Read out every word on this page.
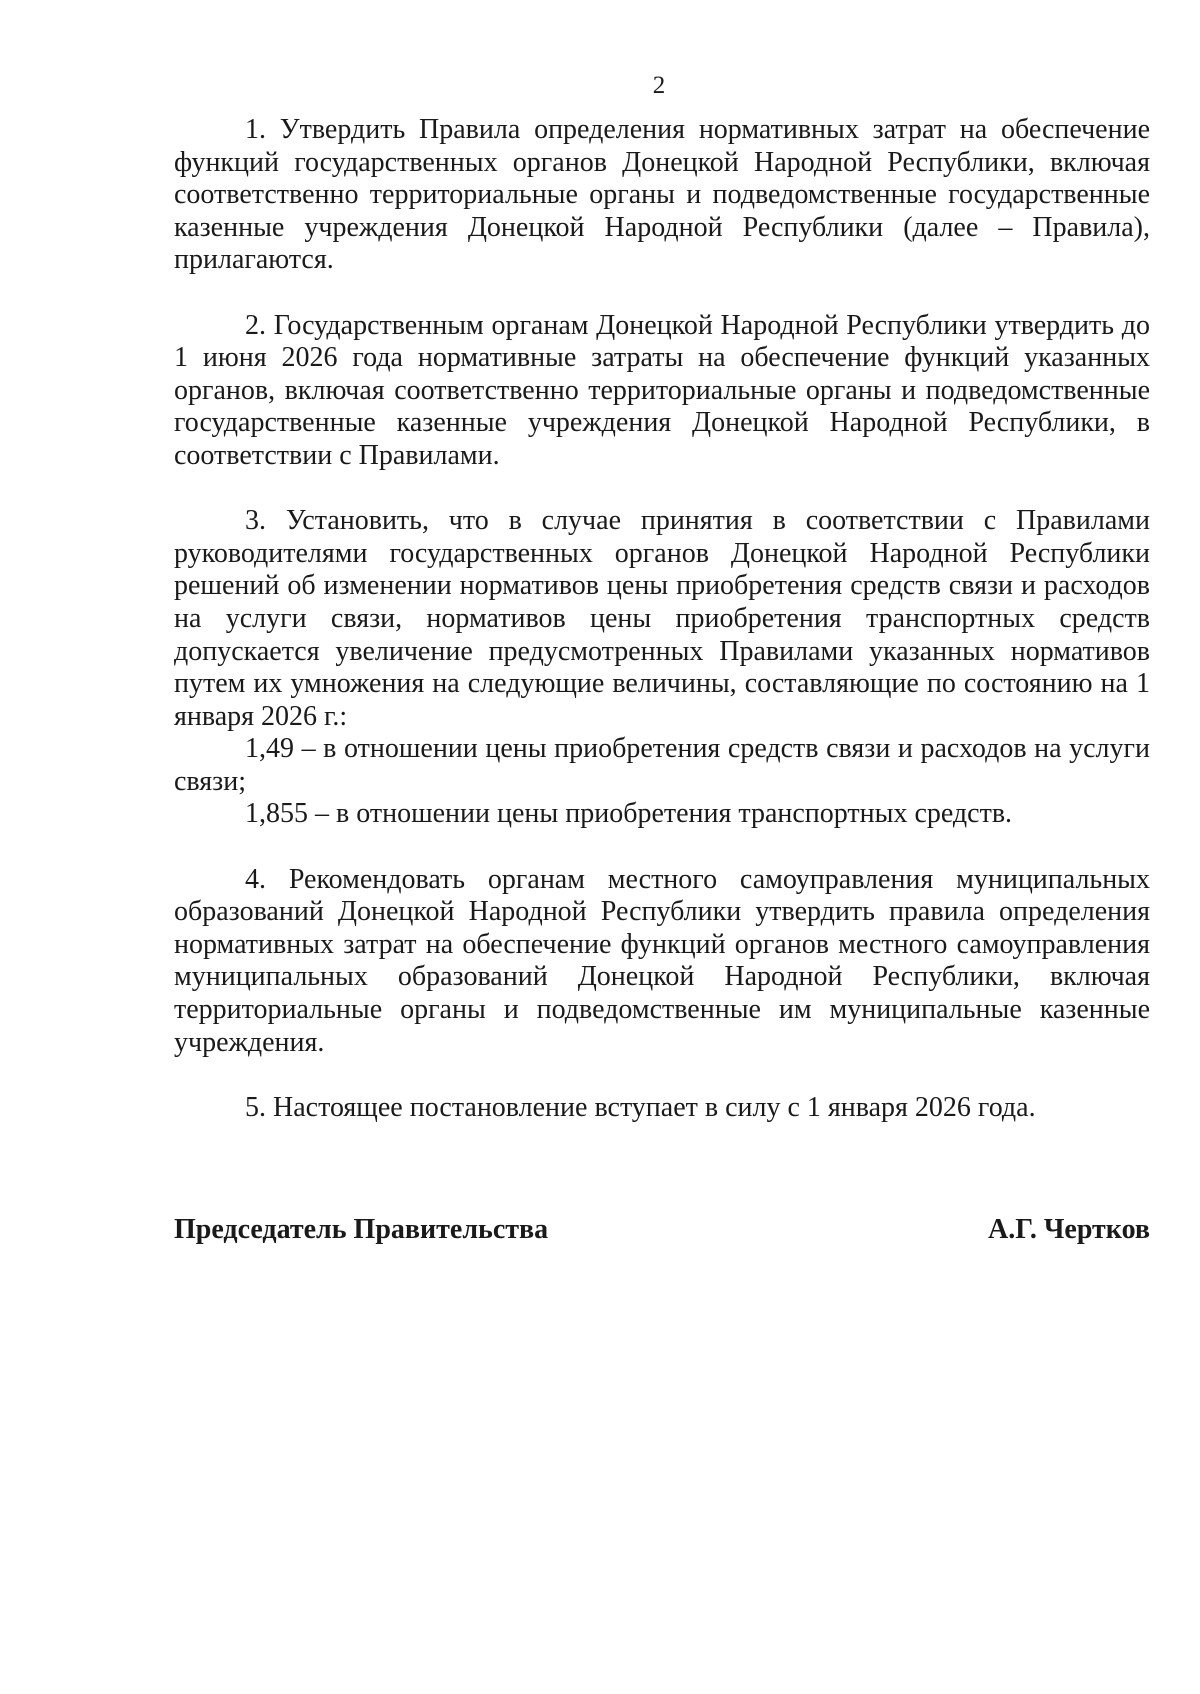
2

1. Утвердить Правила определения нормативных затрат на обеспечение функций государственных органов Донецкой Народной Республики, включая соответственно территориальные органы и подведомственные государственные казенные учреждения Донецкой Народной Республики (далее – Правила), прилагаются.

2. Государственным органам Донецкой Народной Республики утвердить до 1 июня 2026 года нормативные затраты на обеспечение функций указанных органов, включая соответственно территориальные органы и подведомственные государственные казенные учреждения Донецкой Народной Республики, в соответствии с Правилами.

3. Установить, что в случае принятия в соответствии с Правилами руководителями государственных органов Донецкой Народной Республики решений об изменении нормативов цены приобретения средств связи и расходов на услуги связи, нормативов цены приобретения транспортных средств допускается увеличение предусмотренных Правилами указанных нормативов путем их умножения на следующие величины, составляющие по состоянию на 1 января 2026 г.:

1,49 – в отношении цены приобретения средств связи и расходов на услуги связи;

1,855 – в отношении цены приобретения транспортных средств.

4. Рекомендовать органам местного самоуправления муниципальных образований Донецкой Народной Республики утвердить правила определения нормативных затрат на обеспечение функций органов местного самоуправления муниципальных образований Донецкой Народной Республики, включая территориальные органы и подведомственные им муниципальные казенные учреждения.

5. Настоящее постановление вступает в силу с 1 января 2026 года.

Председатель Правительства	А.Г. Чертков
